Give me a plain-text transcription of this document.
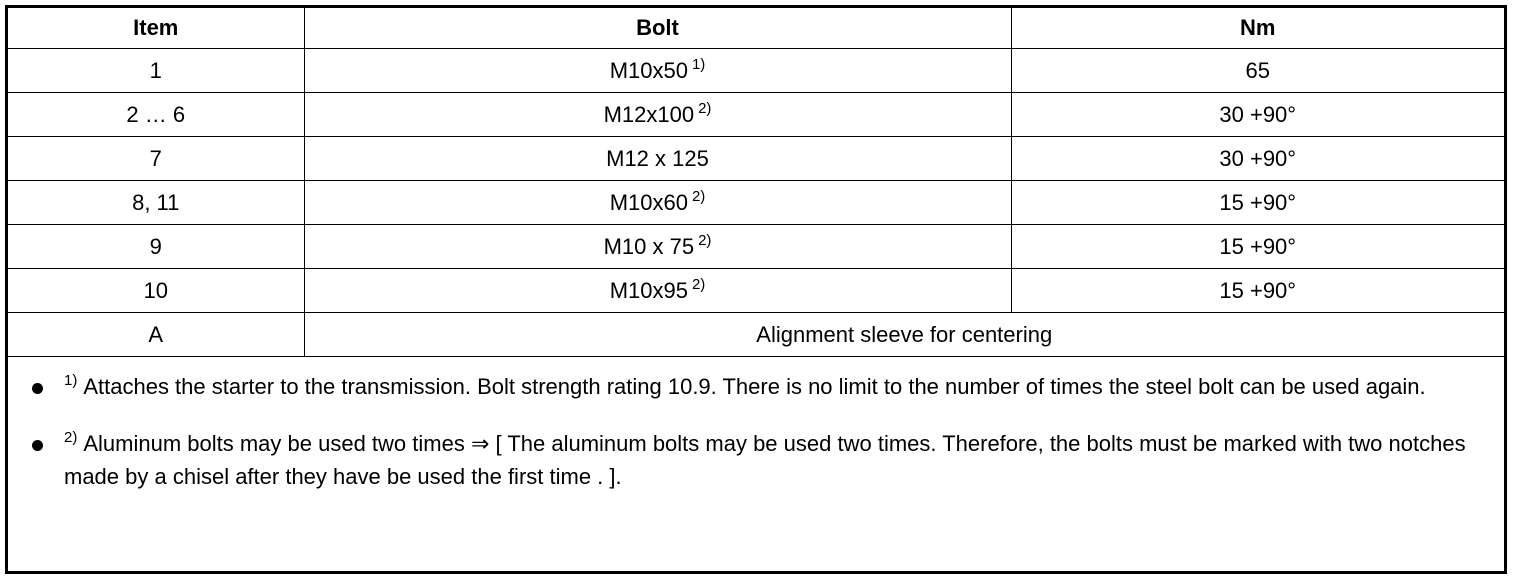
Item	Bolt	Nm
1	M10x50 $^{1)}$	65
2 … 6	M12x100 $^{2)}$	30 +90°
7	M12 x 125	30 +90°
8, 11	M10x60 $^{2)}$	15 +90°
9	M10 x 75 $^{2)}$	15 +90°
10	M10x95 $^{2)}$	15 +90°
A	Alignment sleeve for centering	
$^{1)}$ Attaches the starter to the transmission. Bolt strength rating 10.9. There is no limit to the number of times the steel bolt can be used again.
$^{2)}$ Aluminum bolts may be used two times ⇒ [ The aluminum bolts may be used two times. Therefore, the bolts must be marked with two notches made by a chisel after they have be used the first time . ].
